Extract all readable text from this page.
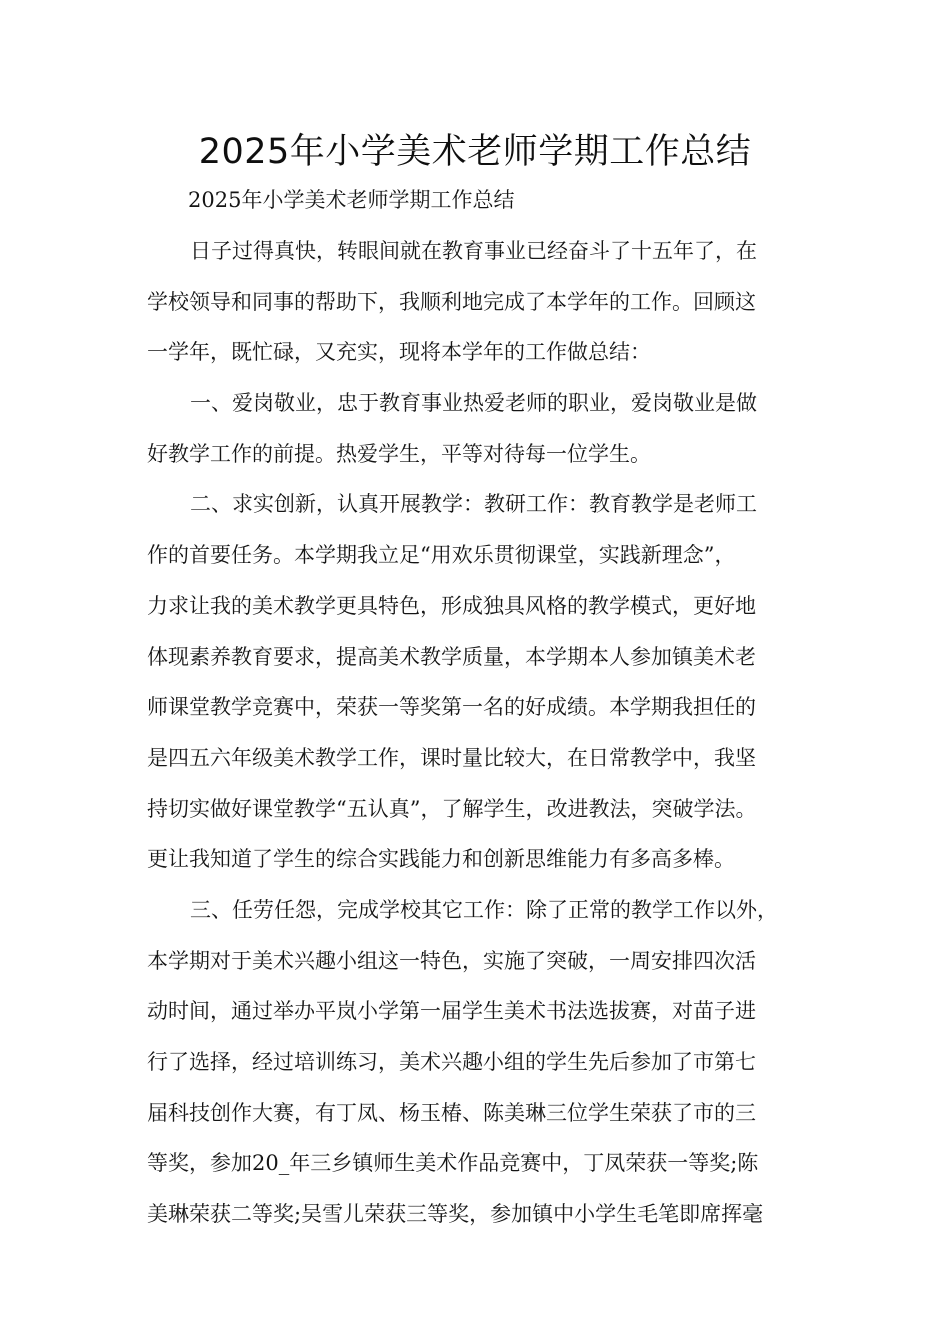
2025年小学美术老师学期工作总结
2025年小学美术老师学期工作总结
日子过得真快，转眼间就在教育事业已经奋斗了十五年了，在
学校领导和同事的帮助下，我顺利地完成了本学年的工作。回顾这
一学年，既忙碌，又充实，现将本学年的工作做总结：
一、爱岗敬业，忠于教育事业热爱老师的职业，爱岗敬业是做
好教学工作的前提。热爱学生，平等对待每一位学生。
二、求实创新，认真开展教学：教研工作：教育教学是老师工
作的首要任务。本学期我立足“用欢乐贯彻课堂，实践新理念”，
力求让我的美术教学更具特色，形成独具风格的教学模式，更好地
体现素养教育要求，提高美术教学质量，本学期本人参加镇美术老
师课堂教学竞赛中，荣获一等奖第一名的好成绩。本学期我担任的
是四五六年级美术教学工作，课时量比较大，在日常教学中，我坚
持切实做好课堂教学“五认真”，了解学生，改进教法，突破学法。
更让我知道了学生的综合实践能力和创新思维能力有多高多棒。
三、任劳任怨，完成学校其它工作：除了正常的教学工作以外，
本学期对于美术兴趣小组这一特色，实施了突破，一周安排四次活
动时间，通过举办平岚小学第一届学生美术书法选拔赛，对苗子进
行了选择，经过培训练习，美术兴趣小组的学生先后参加了市第七
届科技创作大赛，有丁凤、杨玉椿、陈美琳三位学生荣获了市的三
等奖，参加20_年三乡镇师生美术作品竞赛中，丁凤荣获一等奖;陈
美琳荣获二等奖;吴雪儿荣获三等奖，参加镇中小学生毛笔即席挥毫
